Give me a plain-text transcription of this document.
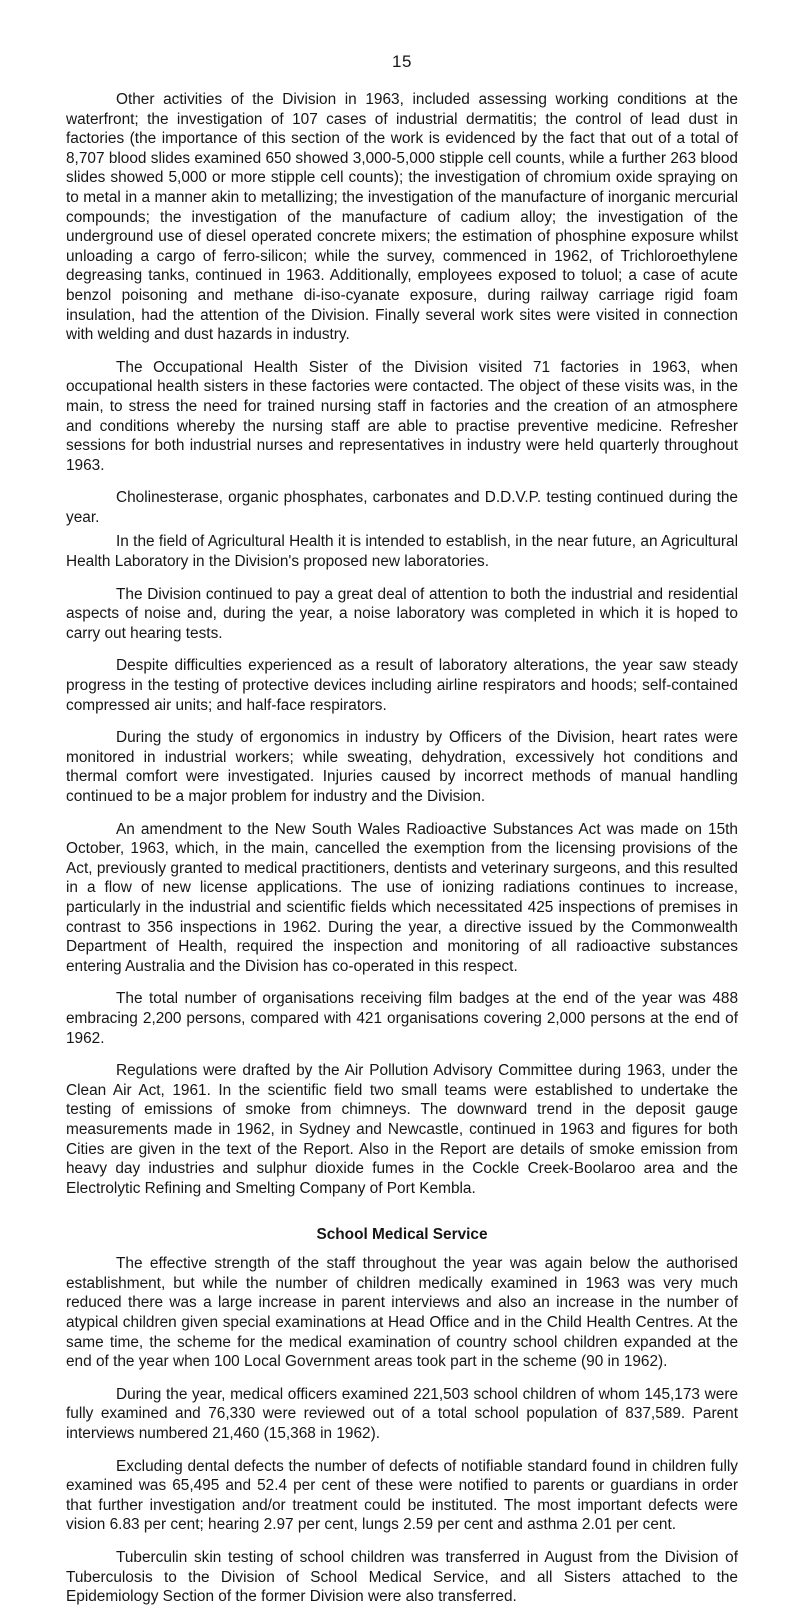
15

Other activities of the Division in 1963, included assessing working conditions at the waterfront; the investigation of 107 cases of industrial dermatitis; the control of lead dust in factories (the importance of this section of the work is evidenced by the fact that out of a total of 8,707 blood slides examined 650 showed 3,000-5,000 stipple cell counts, while a further 263 blood slides showed 5,000 or more stipple cell counts); the investigation of chromium oxide spraying on to metal in a manner akin to metallizing; the investigation of the manufacture of inorganic mercurial compounds; the investigation of the manufacture of cadium alloy; the investigation of the underground use of diesel operated concrete mixers; the estimation of phosphine exposure whilst unloading a cargo of ferro-silicon; while the survey, commenced in 1962, of Trichloroethylene degreasing tanks, continued in 1963. Additionally, employees exposed to toluol; a case of acute benzol poisoning and methane di-iso-cyanate exposure, during railway carriage rigid foam insulation, had the attention of the Division. Finally several work sites were visited in connection with welding and dust hazards in industry.

The Occupational Health Sister of the Division visited 71 factories in 1963, when occupational health sisters in these factories were contacted. The object of these visits was, in the main, to stress the need for trained nursing staff in factories and the creation of an atmosphere and conditions whereby the nursing staff are able to practise preventive medicine. Refresher sessions for both industrial nurses and representatives in industry were held quarterly throughout 1963.

Cholinesterase, organic phosphates, carbonates and D.D.V.P. testing continued during the year.

In the field of Agricultural Health it is intended to establish, in the near future, an Agricultural Health Laboratory in the Division's proposed new laboratories.

The Division continued to pay a great deal of attention to both the industrial and residential aspects of noise and, during the year, a noise laboratory was completed in which it is hoped to carry out hearing tests.

Despite difficulties experienced as a result of laboratory alterations, the year saw steady progress in the testing of protective devices including airline respirators and hoods; self-contained compressed air units; and half-face respirators.

During the study of ergonomics in industry by Officers of the Division, heart rates were monitored in industrial workers; while sweating, dehydration, excessively hot conditions and thermal comfort were investigated. Injuries caused by incorrect methods of manual handling continued to be a major problem for industry and the Division.

An amendment to the New South Wales Radioactive Substances Act was made on 15th October, 1963, which, in the main, cancelled the exemption from the licensing provisions of the Act, previously granted to medical practitioners, dentists and veterinary surgeons, and this resulted in a flow of new license applications. The use of ionizing radiations continues to increase, particularly in the industrial and scientific fields which necessitated 425 inspections of premises in contrast to 356 inspections in 1962. During the year, a directive issued by the Commonwealth Department of Health, required the inspection and monitoring of all radioactive substances entering Australia and the Division has co-operated in this respect.

The total number of organisations receiving film badges at the end of the year was 488 embracing 2,200 persons, compared with 421 organisations covering 2,000 persons at the end of 1962.

Regulations were drafted by the Air Pollution Advisory Committee during 1963, under the Clean Air Act, 1961. In the scientific field two small teams were established to undertake the testing of emissions of smoke from chimneys. The downward trend in the deposit gauge measurements made in 1962, in Sydney and Newcastle, continued in 1963 and figures for both Cities are given in the text of the Report. Also in the Report are details of smoke emission from heavy day industries and sulphur dioxide fumes in the Cockle Creek-Boolaroo area and the Electrolytic Refining and Smelting Company of Port Kembla.

School Medical Service

The effective strength of the staff throughout the year was again below the authorised establishment, but while the number of children medically examined in 1963 was very much reduced there was a large increase in parent interviews and also an increase in the number of atypical children given special examinations at Head Office and in the Child Health Centres. At the same time, the scheme for the medical examination of country school children expanded at the end of the year when 100 Local Government areas took part in the scheme (90 in 1962).

During the year, medical officers examined 221,503 school children of whom 145,173 were fully examined and 76,330 were reviewed out of a total school population of 837,589. Parent interviews numbered 21,460 (15,368 in 1962).

Excluding dental defects the number of defects of notifiable standard found in children fully examined was 65,495 and 52.4 per cent of these were notified to parents or guardians in order that further investigation and/or treatment could be instituted. The most important defects were vision 6.83 per cent; hearing 2.97 per cent, lungs 2.59 per cent and asthma 2.01 per cent.

Tuberculin skin testing of school children was transferred in August from the Division of Tuberculosis to the Division of School Medical Service, and all Sisters attached to the Epidemiology Section of the former Division were also transferred.
